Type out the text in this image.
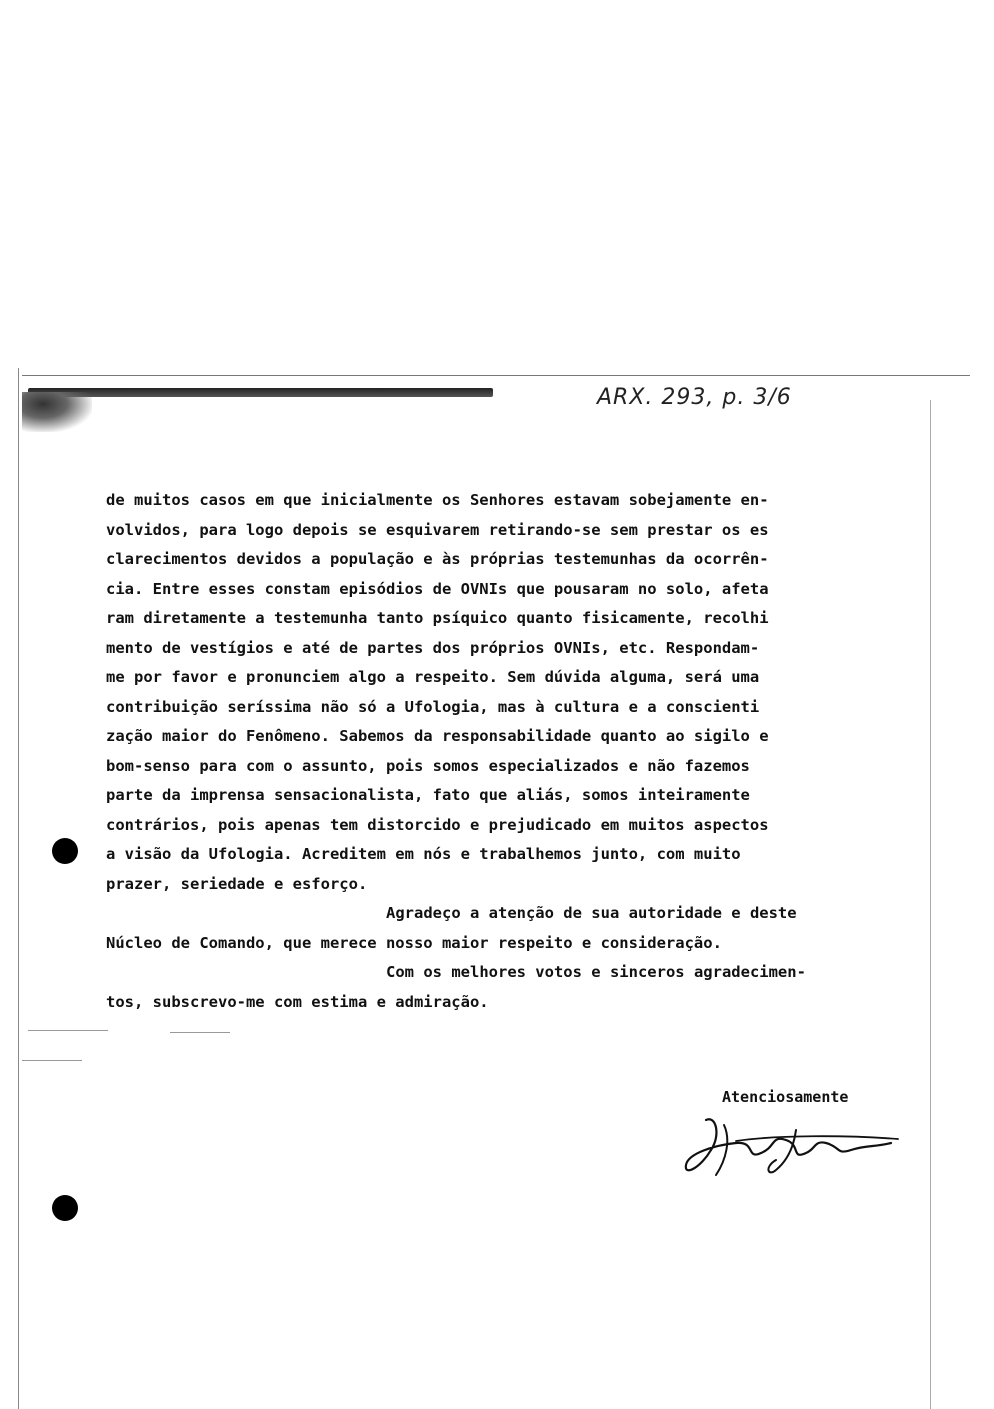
ARX. 293, p. 3/6

de muitos casos em que inicialmente os Senhores estavam sobejamente en-

volvidos, para logo depois se esquivarem retirando-se sem prestar os es

clarecimentos devidos a população e às próprias testemunhas da ocorrên-

cia. Entre esses constam episódios de OVNIs que pousaram no solo, afeta

ram diretamente a testemunha tanto psíquico quanto fisicamente, recolhi

mento de vestígios e até de partes dos próprios OVNIs, etc. Respondam-

me por favor e pronunciem algo a respeito. Sem dúvida alguma, será uma

contribuição seríssima não só a Ufologia, mas à cultura e a conscienti

zação maior do Fenômeno. Sabemos da responsabilidade quanto ao sigilo e

bom-senso para com o assunto, pois somos especializados e não fazemos

parte da imprensa sensacionalista, fato que aliás, somos inteiramente

contrários, pois apenas tem distorcido e prejudicado em muitos aspectos

a visão da Ufologia. Acreditem em nós e trabalhemos junto, com muito

prazer, seriedade e esforço.

Agradeço a atenção de sua autoridade e deste

Núcleo de Comando, que merece nosso maior respeito e consideração.

Com os melhores votos e sinceros agradecimen-

tos, subscrevo-me com estima e admiração.

Atenciosamente
